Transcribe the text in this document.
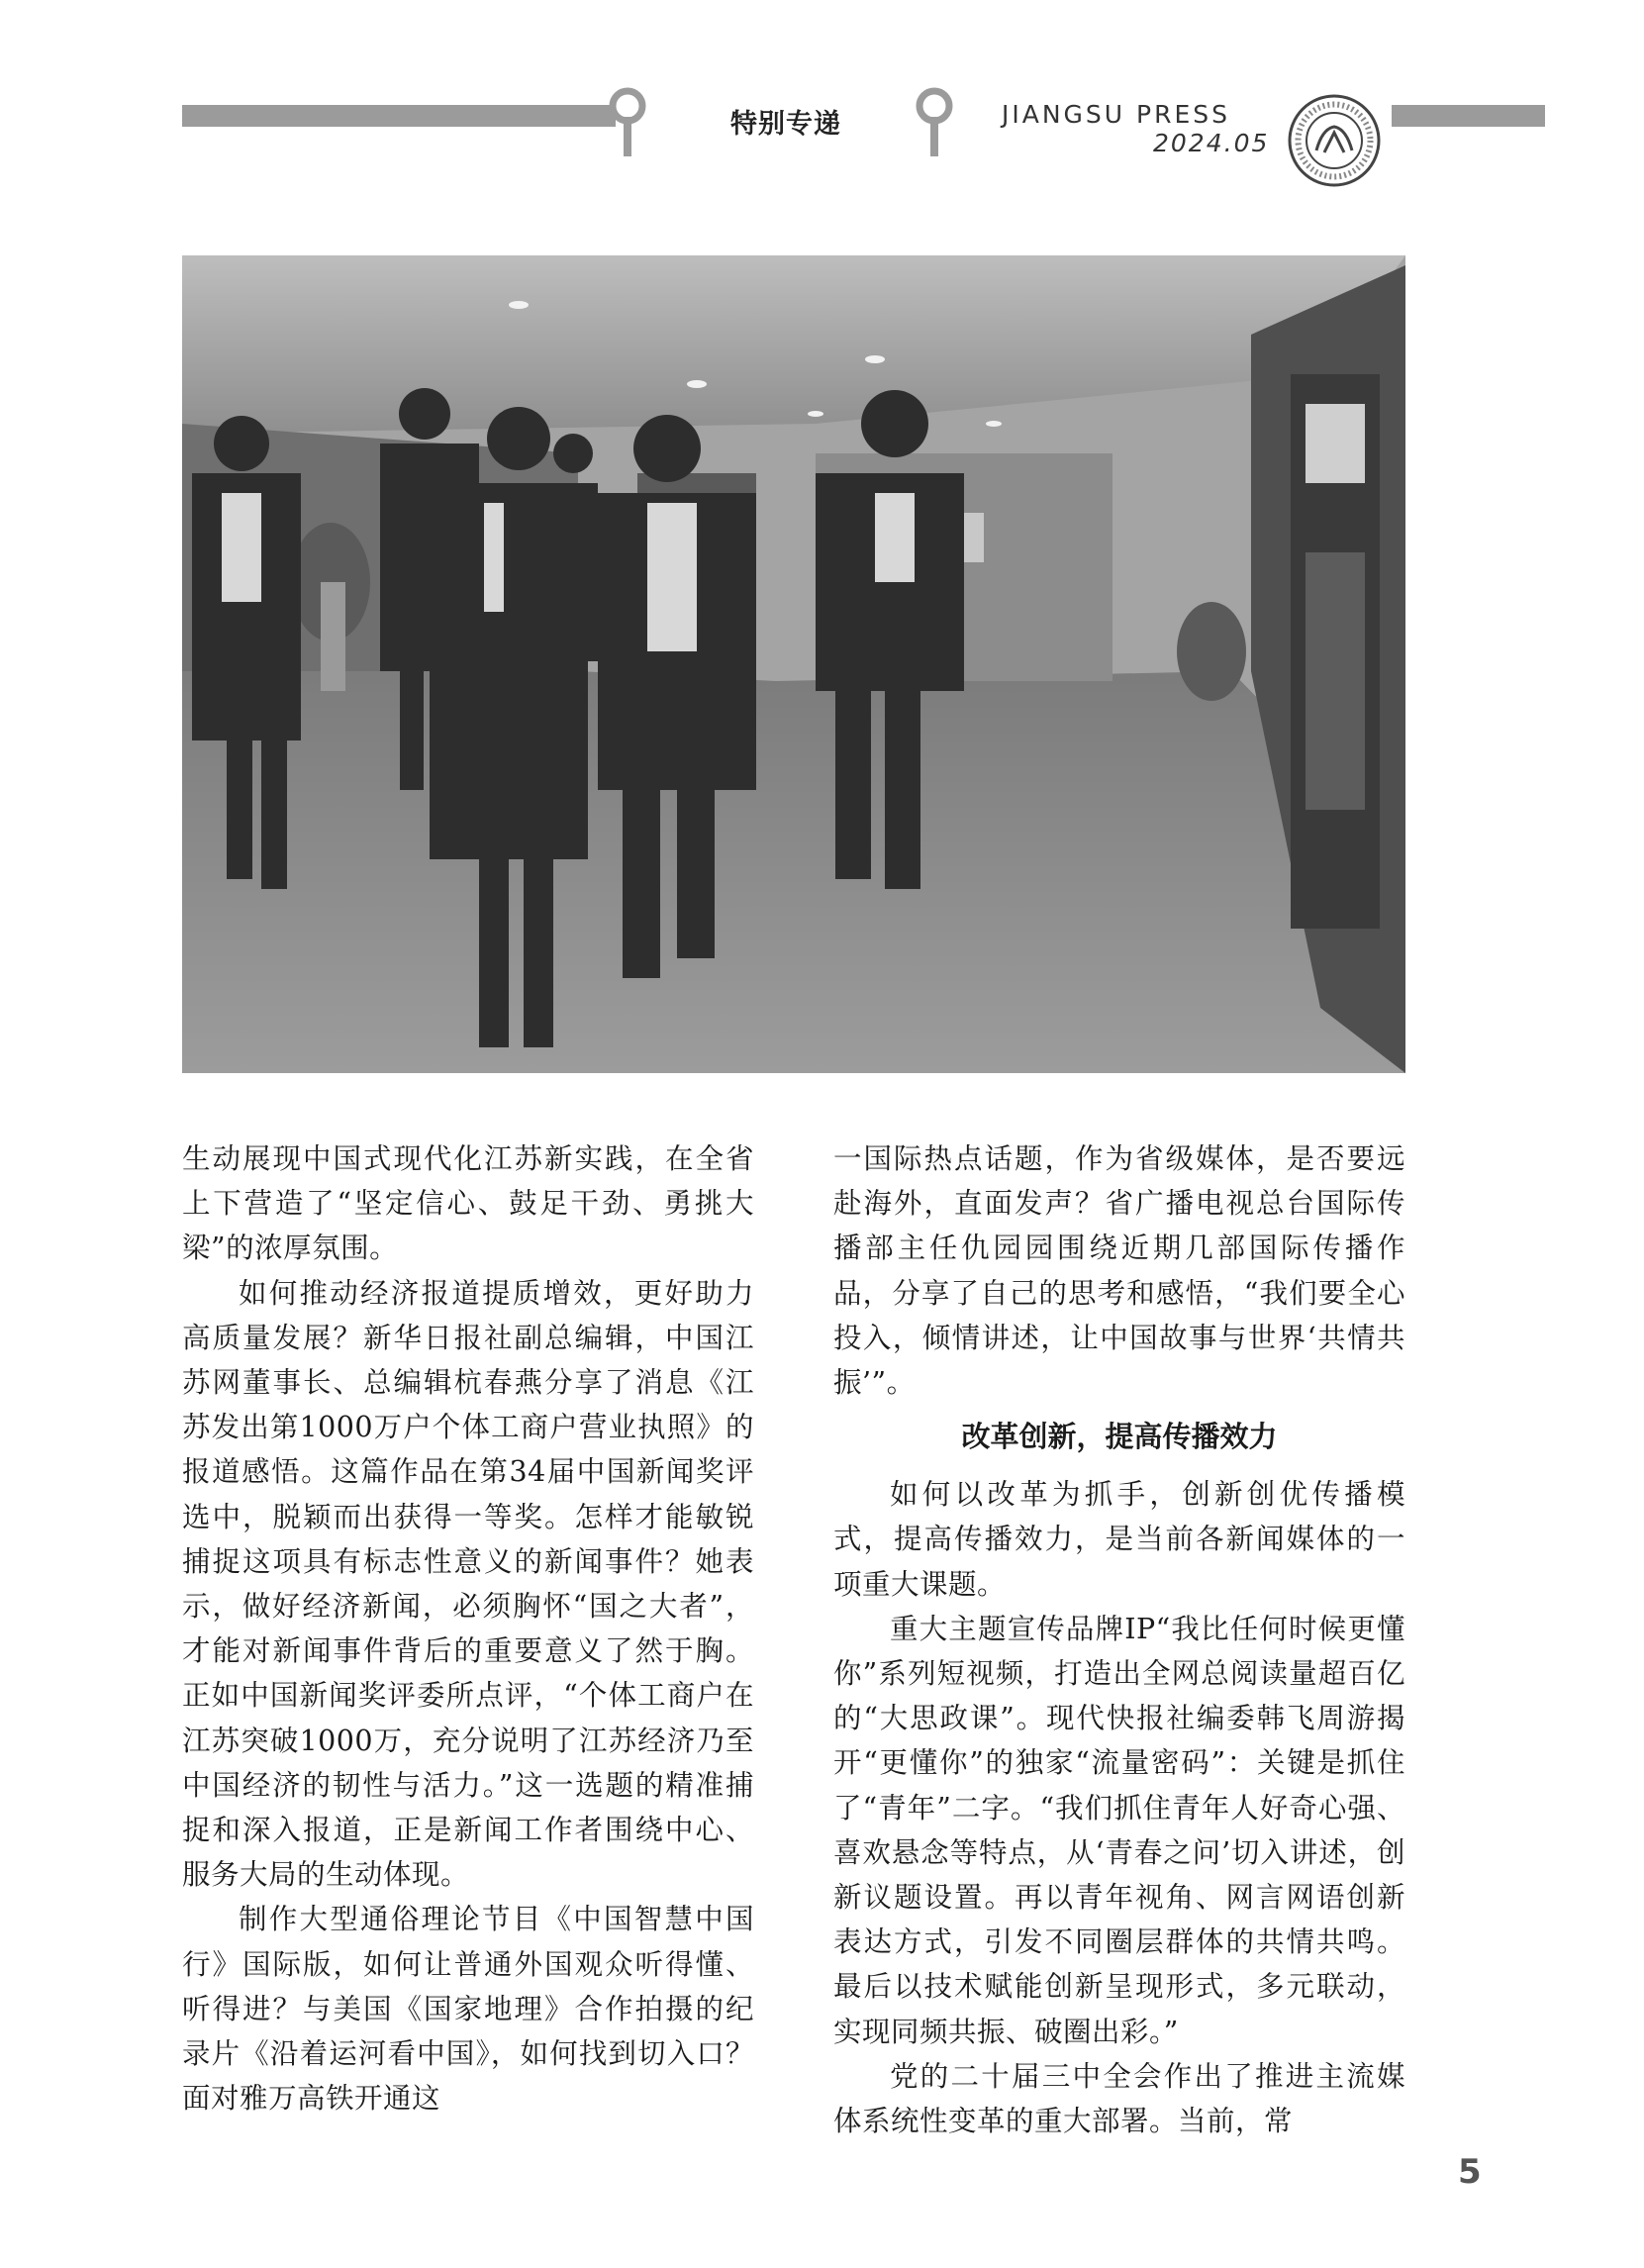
特别专递	JIANGSU PRESS
2024.05

生动展现中国式现代化江苏新实践，在全省上下营造了“坚定信心、鼓足干劲、勇挑大梁”的浓厚氛围。

如何推动经济报道提质增效，更好助力高质量发展？新华日报社副总编辑，中国江苏网董事长、总编辑杭春燕分享了消息《江苏发出第1000万户个体工商户营业执照》的报道感悟。这篇作品在第34届中国新闻奖评选中，脱颖而出获得一等奖。怎样才能敏锐捕捉这项具有标志性意义的新闻事件？她表示，做好经济新闻，必须胸怀“国之大者”，才能对新闻事件背后的重要意义了然于胸。正如中国新闻奖评委所点评，“个体工商户在江苏突破1000万，充分说明了江苏经济乃至中国经济的韧性与活力。”这一选题的精准捕捉和深入报道，正是新闻工作者围绕中心、服务大局的生动体现。

制作大型通俗理论节目《中国智慧中国行》国际版，如何让普通外国观众听得懂、听得进？与美国《国家地理》合作拍摄的纪录片《沿着运河看中国》，如何找到切入口？面对雅万高铁开通这

一国际热点话题，作为省级媒体，是否要远赴海外，直面发声？省广播电视总台国际传播部主任仇园园围绕近期几部国际传播作品，分享了自己的思考和感悟，“我们要全心投入，倾情讲述，让中国故事与世界‘共情共振’”。

改革创新，提高传播效力

如何以改革为抓手，创新创优传播模式，提高传播效力，是当前各新闻媒体的一项重大课题。

重大主题宣传品牌IP“我比任何时候更懂你”系列短视频，打造出全网总阅读量超百亿的“大思政课”。现代快报社编委韩飞周游揭开“更懂你”的独家“流量密码”：关键是抓住了“青年”二字。“我们抓住青年人好奇心强、喜欢悬念等特点，从‘青春之问’切入讲述，创新议题设置。再以青年视角、网言网语创新表达方式，引发不同圈层群体的共情共鸣。最后以技术赋能创新呈现形式，多元联动，实现同频共振、破圈出彩。”

党的二十届三中全会作出了推进主流媒体系统性变革的重大部署。当前，常

5
